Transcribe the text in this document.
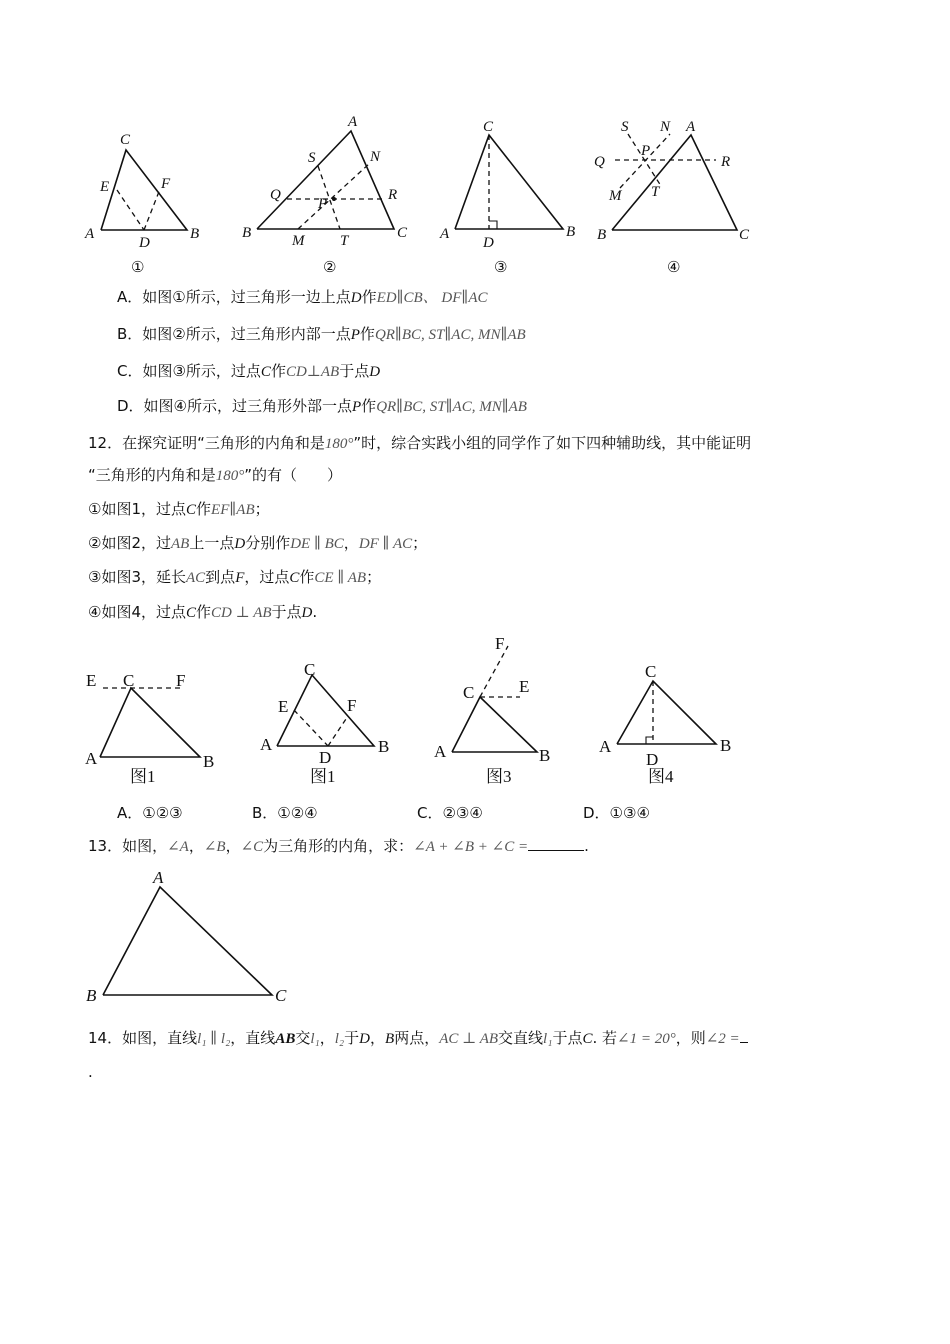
C
E	F
A
D
B
①
A
S	N
Q	R
P
B	M T	C
②
C
A
D
B
③
S N A
Q
P
R
M T
B	C
④
A．如图①所示，过三角形一边上点D作ED∥CB、 DF∥AC
B．如图②所示，过三角形内部一点P作QR∥BC, ST∥AC, MN∥AB
C．如图③所示，过点C作CD⊥AB于点D
D．如图④所示，过三角形外部一点P作QR∥BC, ST∥AC, MN∥AB
12．在探究证明“三角形的内角和是180°”时，综合实践小组的同学作了如下四种辅助线，其中能证明
“三角形的内角和是180°”的有（　　）
①如图1，过点C作EF∥AB；
②如图2，过AB上一点D分别作DE ∥ BC，DF ∥ AC；
③如图3，延长AC到点F，过点C作CE ∥ AB；
④如图4，过点C作CD ⊥ AB于点D.
E C F
A	B
图1
C
E	F
A	B
D
图1
F
C	E
A	B
图3
C
A	B
D
图4
A．①②③	B．①②④	C．②③④	D．①③④
13．如图，∠A，∠B，∠C为三角形的内角，求：∠A + ∠B + ∠C =	.
A
B	C
14．如图，直线l₁ ∥ l₂，直线AB交l₁，l₂于D，B两点，AC ⊥ AB交直线l₁于点C. 若∠1 = 20°，则∠2 =
.
